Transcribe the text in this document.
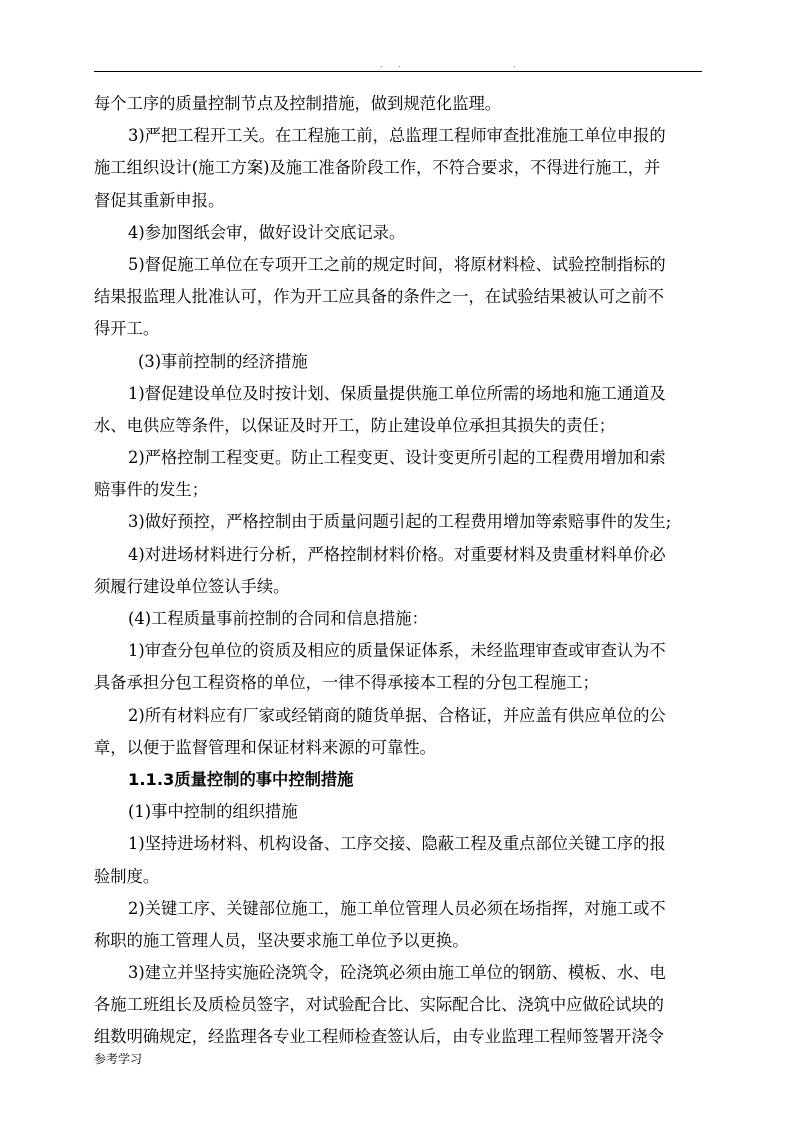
. .	.
每个工序的质量控制节点及控制措施，做到规范化监理。
3)严把工程开工关。在工程施工前，总监理工程师审查批准施工单位申报的
施工组织设计(施工方案)及施工准备阶段工作，不符合要求，不得进行施工，并
督促其重新申报。
4)参加图纸会审，做好设计交底记录。
5)督促施工单位在专项开工之前的规定时间，将原材料检、试验控制指标的
结果报监理人批准认可，作为开工应具备的条件之一，在试验结果被认可之前不
得开工。
(3)事前控制的经济措施
1)督促建设单位及时按计划、保质量提供施工单位所需的场地和施工通道及
水、电供应等条件，以保证及时开工，防止建设单位承担其损失的责任；
2)严格控制工程变更。防止工程变更、设计变更所引起的工程费用增加和索
赔事件的发生；
3)做好预控，严格控制由于质量问题引起的工程费用增加等索赔事件的发生;
4)对进场材料进行分析，严格控制材料价格。对重要材料及贵重材料单价必
须履行建设单位签认手续。
(4)工程质量事前控制的合同和信息措施：
1)审查分包单位的资质及相应的质量保证体系，未经监理审查或审查认为不
具备承担分包工程资格的单位，一律不得承接本工程的分包工程施工；
2)所有材料应有厂家或经销商的随货单据、合格证，并应盖有供应单位的公
章，以便于监督管理和保证材料来源的可靠性。
1.1.3质量控制的事中控制措施
(1)事中控制的组织措施
1)坚持进场材料、机构设备、工序交接、隐蔽工程及重点部位关键工序的报
验制度。
2)关键工序、关键部位施工，施工单位管理人员必须在场指挥，对施工或不
称职的施工管理人员，坚决要求施工单位予以更换。
3)建立并坚持实施砼浇筑令，砼浇筑必须由施工单位的钢筋、模板、水、电
各施工班组长及质检员签字，对试验配合比、实际配合比、浇筑中应做砼试块的
组数明确规定，经监理各专业工程师检查签认后，由专业监理工程师签署开浇令
参考学习
